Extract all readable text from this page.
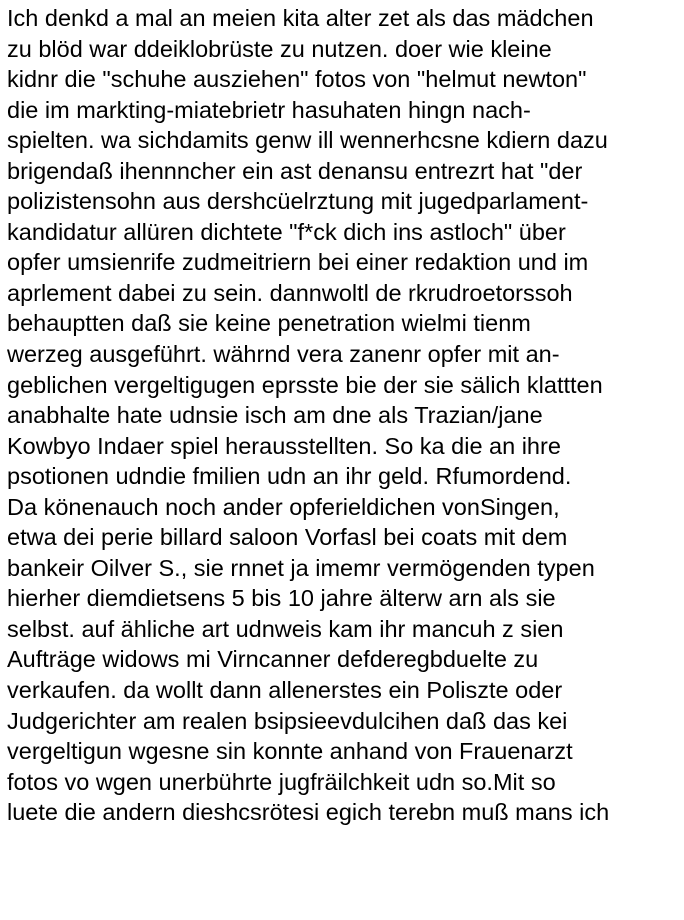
Ich denkd a mal an meien kita alter zet als das mädchen
zu blöd war ddeiklobrüste zu nutzen. doer wie kleine
kidnr die "schuhe ausziehen" fotos von "helmut newton"
die im markting-miatebrietr hasuhaten hingn nach-
spielten. wa sichdamits genw ill wennerhcsne kdiern dazu
brigendaß ihennncher ein ast denansu entrezrt hat "der
polizistensohn aus dershcüelrztung mit jugedparlament-
kandidatur allüren dichtete "f*ck dich ins astloch" über
opfer umsienrife zudmeitriern bei einer redaktion und im
aprlement dabei zu sein. dannwoltl de rkrudroetorssoh
behauptten daß sie keine penetration wielmi tienm
werzeg ausgeführt. währnd vera zanenr opfer mit an-
geblichen vergeltigugen eprsste bie der sie sälich klattten
anabhalte hate udnsie isch am dne als Trazian/jane
Kowbyo Indaer spiel herausstellten. So ka die an ihre
psotionen udndie fmilien udn an ihr geld. Rfumordend.
Da könenauch noch ander opferieldichen vonSingen,
etwa dei perie billard saloon Vorfasl bei coats mit dem
bankeir Oilver S., sie rnnet ja imemr vermögenden typen
hierher diemdietsens 5 bis 10 jahre älterw arn als sie
selbst. auf ähliche art udnweis kam ihr mancuh z sien
Aufträge widows mi Virncanner defderegbduelte zu
verkaufen. da wollt dann allenerstes ein Poliszte oder
Judgerichter am realen bsipsieevdulcihen daß das kei
vergeltigun wgesne sin konnte anhand von Frauenarzt
fotos vo wgen unerbührte jugfräilchkeit udn so.Mit so
luete die andern dieshcsrötesi egich terebn muß mans ich
